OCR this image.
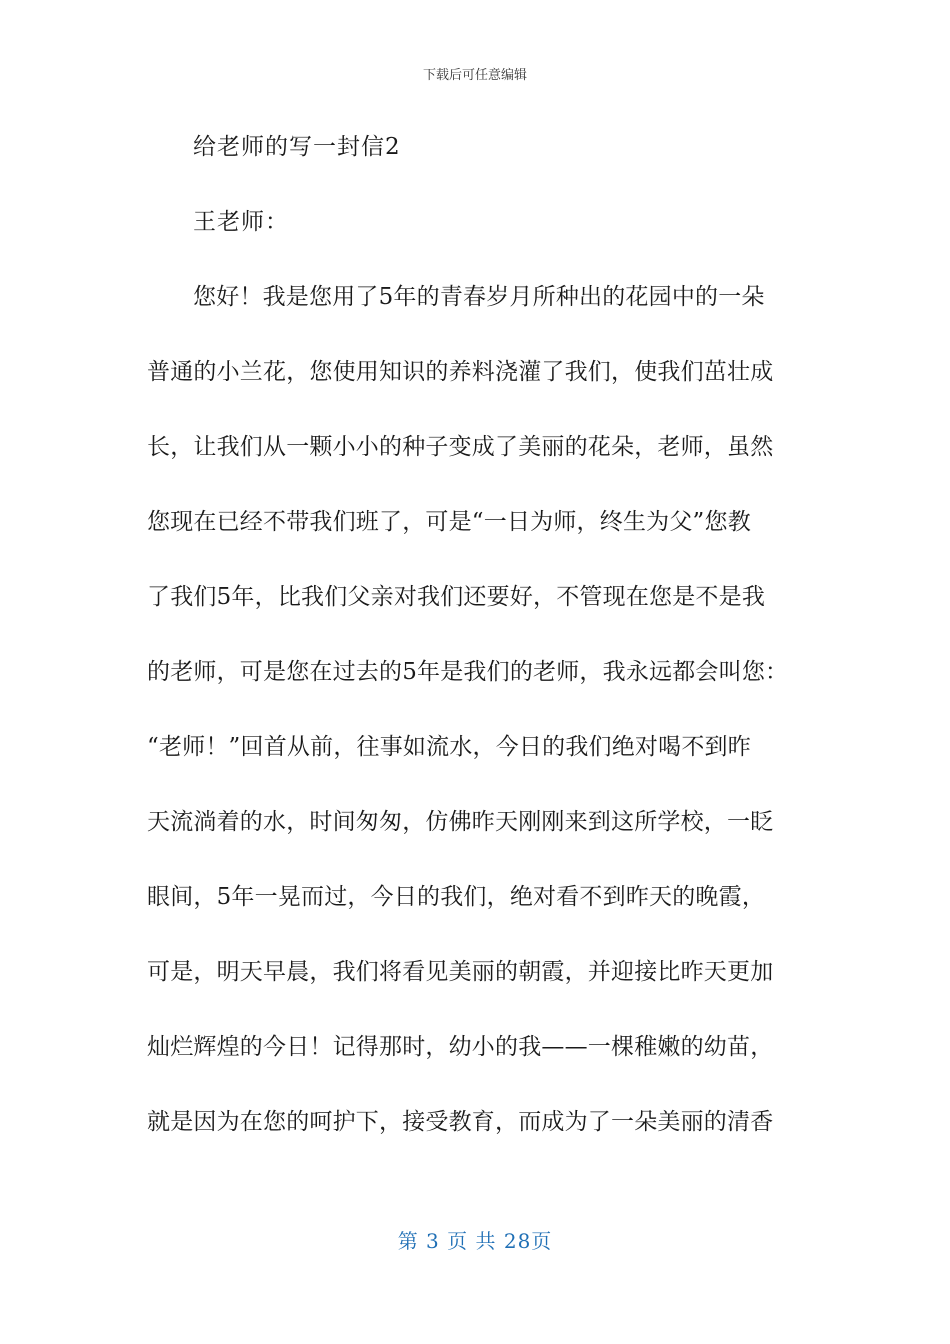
下载后可任意编辑
给老师的写一封信2
王老师：
您好！我是您用了5年的青春岁月所种出的花园中的一朵
普通的小兰花，您使用知识的养料浇灌了我们，使我们茁壮成
长，让我们从一颗小小的种子变成了美丽的花朵，老师，虽然
您现在已经不带我们班了，可是“一日为师，终生为父”您教
了我们5年，比我们父亲对我们还要好，不管现在您是不是我
的老师，可是您在过去的5年是我们的老师，我永远都会叫您：
“老师！”回首从前，往事如流水，今日的我们绝对喝不到昨
天流淌着的水，时间匆匆，仿佛昨天刚刚来到这所学校，一眨
眼间，5年一晃而过，今日的我们，绝对看不到昨天的晚霞，
可是，明天早晨，我们将看见美丽的朝霞，并迎接比昨天更加
灿烂辉煌的今日！记得那时，幼小的我——一棵稚嫩的幼苗，
就是因为在您的呵护下，接受教育，而成为了一朵美丽的清香
第 3 页 共 28页
